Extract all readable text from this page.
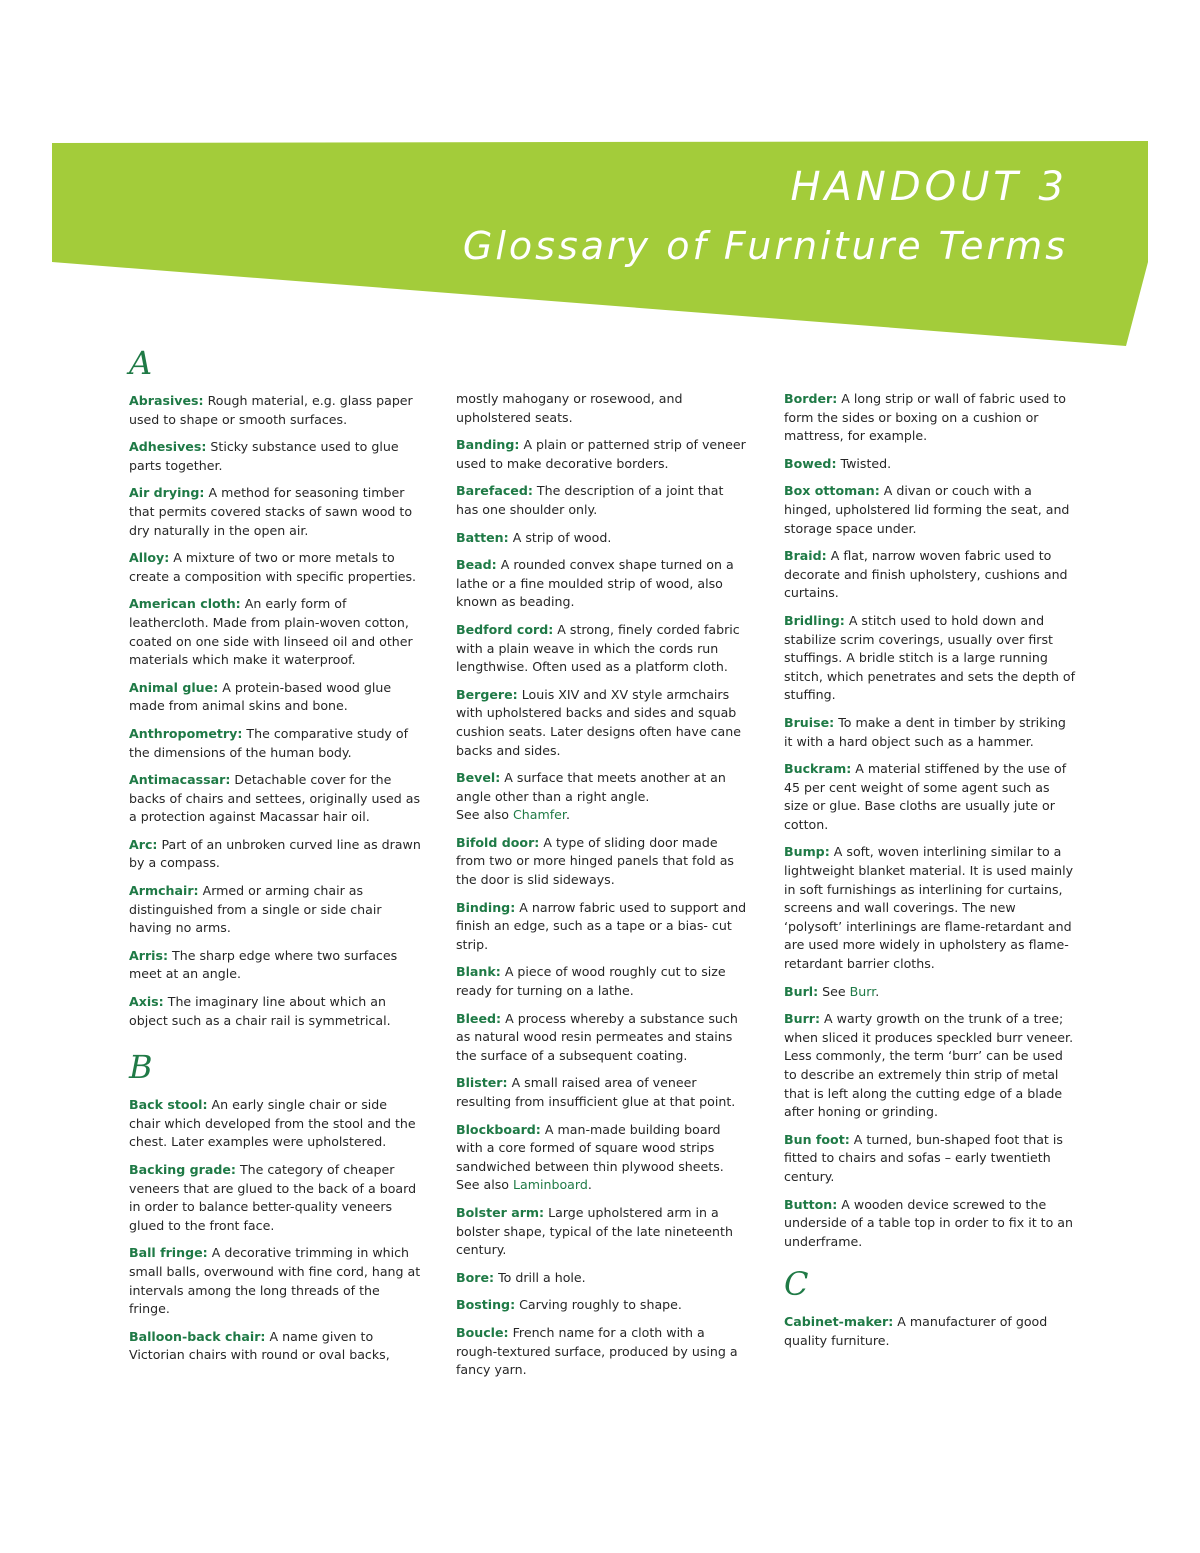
HANDOUT 3
Glossary of Furniture Terms
A

Abrasives: Rough material, e.g. glass paper used to shape or smooth surfaces.

Adhesives: Sticky substance used to glue parts together.

Air drying: A method for seasoning timber that permits covered stacks of sawn wood to dry naturally in the open air.

Alloy: A mixture of two or more metals to create a composition with specific properties.

American cloth: An early form of leathercloth. Made from plain-woven cotton, coated on one side with linseed oil and other materials which make it waterproof.

Animal glue: A protein-based wood glue made from animal skins and bone.

Anthropometry: The comparative study of the dimensions of the human body.

Antimacassar: Detachable cover for the backs of chairs and settees, originally used as a protection against Macassar hair oil.

Arc: Part of an unbroken curved line as drawn by a compass.

Armchair: Armed or arming chair as distinguished from a single or side chair having no arms.

Arris: The sharp edge where two surfaces meet at an angle.

Axis: The imaginary line about which an object such as a chair rail is symmetrical.

B

Back stool: An early single chair or side chair which developed from the stool and the chest. Later examples were upholstered.

Backing grade: The category of cheaper veneers that are glued to the back of a board in order to balance better-quality veneers glued to the front face.

Ball fringe: A decorative trimming in which small balls, overwound with fine cord, hang at intervals among the long threads of the fringe.

Balloon-back chair: A name given to Victorian chairs with round or oval backs,

mostly mahogany or rosewood, and upholstered seats.

Banding: A plain or patterned strip of veneer used to make decorative borders.

Barefaced: The description of a joint that has one shoulder only.

Batten: A strip of wood.

Bead: A rounded convex shape turned on a lathe or a fine moulded strip of wood, also known as beading.

Bedford cord: A strong, finely corded fabric with a plain weave in which the cords run lengthwise. Often used as a platform cloth.

Bergere: Louis XIV and XV style armchairs with upholstered backs and sides and squab cushion seats. Later designs often have cane backs and sides.

Bevel: A surface that meets another at an angle other than a right angle.
See also Chamfer.

Bifold door: A type of sliding door made from two or more hinged panels that fold as the door is slid sideways.

Binding: A narrow fabric used to support and finish an edge, such as a tape or a bias- cut strip.

Blank: A piece of wood roughly cut to size ready for turning on a lathe.

Bleed: A process whereby a substance such as natural wood resin permeates and stains the surface of a subsequent coating.

Blister: A small raised area of veneer resulting from insufficient glue at that point.

Blockboard: A man-made building board with a core formed of square wood strips sandwiched between thin plywood sheets.
See also Laminboard.

Bolster arm: Large upholstered arm in a bolster shape, typical of the late nineteenth century.

Bore: To drill a hole.

Bosting: Carving roughly to shape.

Boucle: French name for a cloth with a rough-textured surface, produced by using a fancy yarn.

Border: A long strip or wall of fabric used to form the sides or boxing on a cushion or mattress, for example.

Bowed: Twisted.

Box ottoman: A divan or couch with a hinged, upholstered lid forming the seat, and storage space under.

Braid: A flat, narrow woven fabric used to decorate and finish upholstery, cushions and curtains.

Bridling: A stitch used to hold down and stabilize scrim coverings, usually over first stuffings. A bridle stitch is a large running stitch, which penetrates and sets the depth of stuffing.

Bruise: To make a dent in timber by striking it with a hard object such as a hammer.

Buckram: A material stiffened by the use of 45 per cent weight of some agent such as size or glue. Base cloths are usually jute or cotton.

Bump: A soft, woven interlining similar to a lightweight blanket material. It is used mainly in soft furnishings as interlining for curtains, screens and wall coverings. The new ‘polysoft’ interlinings are flame-retardant and are used more widely in upholstery as flame-retardant barrier cloths.

Burl: See Burr.

Burr: A warty growth on the trunk of a tree; when sliced it produces speckled burr veneer. Less commonly, the term ‘burr’ can be used to describe an extremely thin strip of metal that is left along the cutting edge of a blade after honing or grinding.

Bun foot: A turned, bun-shaped foot that is fitted to chairs and sofas – early twentieth century.

Button: A wooden device screwed to the underside of a table top in order to fix it to an underframe.

C

Cabinet-maker: A manufacturer of good quality furniture.
